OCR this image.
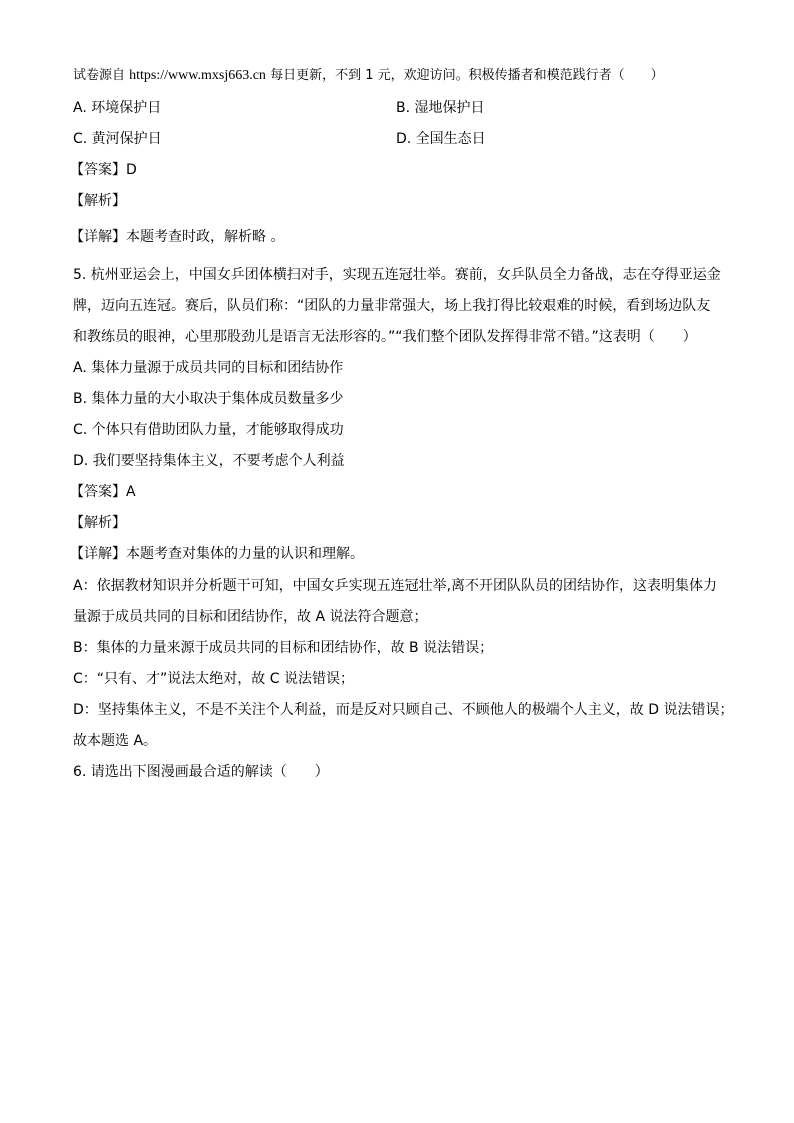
试卷源自 https://www.mxsj663.cn 每日更新，不到 1 元，欢迎访问。积极传播者和模范践行者（　　）
A. 环境保护日	B. 湿地保护日
C. 黄河保护日	D. 全国生态日
【答案】D
【解析】
【详解】本题考查时政，解析略 。
5. 杭州亚运会上，中国女乒团体横扫对手，实现五连冠壮举。赛前，女乒队员全力备战，志在夺得亚运金
牌，迈向五连冠。赛后，队员们称：“团队的力量非常强大，场上我打得比较艰难的时候，看到场边队友
和教练员的眼神，心里那股劲儿是语言无法形容的。”“我们整个团队发挥得非常不错。”这表明（　　）
A. 集体力量源于成员共同的目标和团结协作
B. 集体力量的大小取决于集体成员数量多少
C. 个体只有借助团队力量，才能够取得成功
D. 我们要坚持集体主义，不要考虑个人利益
【答案】A
【解析】
【详解】本题考查对集体的力量的认识和理解。
A：依据教材知识并分析题干可知，中国女乒实现五连冠壮举,离不开团队队员的团结协作，这表明集体力
量源于成员共同的目标和团结协作，故 A 说法符合题意；
B：集体的力量来源于成员共同的目标和团结协作，故 B 说法错误；
C：“只有、才”说法太绝对，故 C 说法错误；
D：坚持集体主义，不是不关注个人利益，而是反对只顾自己、不顾他人的极端个人主义，故 D 说法错误；
故本题选 A。
6. 请选出下图漫画最合适的解读（　　）
